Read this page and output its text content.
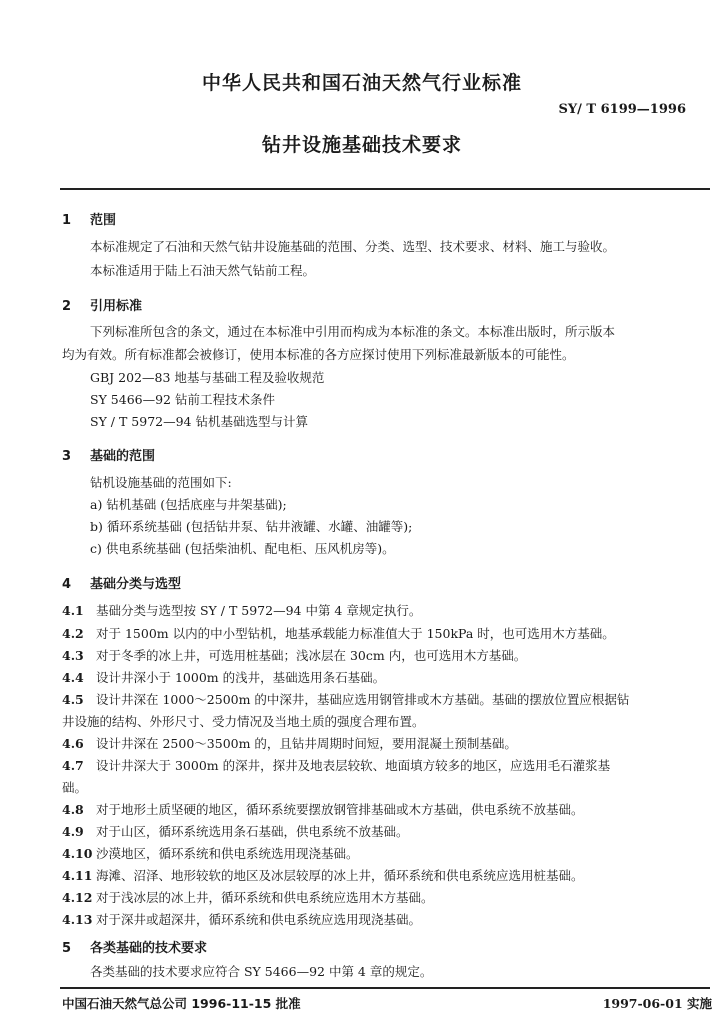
中华人民共和国石油天然气行业标准
SY/ T 6199—1996
钻井设施基础技术要求
1 范围
本标准规定了石油和天然气钻井设施基础的范围、分类、选型、技术要求、材料、施工与验收。
本标准适用于陆上石油天然气钻前工程。
2 引用标准
下列标准所包含的条文，通过在本标准中引用而构成为本标准的条文。本标准出版时，所示版本
均为有效。所有标准都会被修订，使用本标准的各方应探讨使用下列标准最新版本的可能性。
GBJ 202—83 地基与基础工程及验收规范
SY 5466—92 钻前工程技术条件
SY / T 5972—94 钻机基础选型与计算
3 基础的范围
钻机设施基础的范围如下:
a) 钻机基础 (包括底座与井架基础);
b) 循环系统基础 (包括钻井泵、钻井液罐、水罐、油罐等);
c) 供电系统基础 (包括柴油机、配电柜、压风机房等)。
4 基础分类与选型
4.1 基础分类与选型按 SY / T 5972—94 中第 4 章规定执行。
4.2 对于 1500m 以内的中小型钻机，地基承载能力标准值大于 150kPa 时，也可选用木方基础。
4.3 对于冬季的冰上井，可选用桩基础；浅冰层在 30cm 内，也可选用木方基础。
4.4 设计井深小于 1000m 的浅井，基础选用条石基础。
4.5 设计井深在 1000～2500m 的中深井，基础应选用钢管排或木方基础。基础的摆放位置应根据钻
井设施的结构、外形尺寸、受力情况及当地土质的强度合理布置。
4.6 设计井深在 2500～3500m 的，且钻井周期时间短，要用混凝土预制基础。
4.7 设计井深大于 3000m 的深井，探井及地表层较软、地面填方较多的地区，应选用毛石灌浆基
础。
4.8 对于地形土质坚硬的地区，循环系统要摆放钢管排基础或木方基础，供电系统不放基础。
4.9 对于山区，循环系统选用条石基础，供电系统不放基础。
4.10 沙漠地区，循环系统和供电系统选用现浇基础。
4.11 海滩、沼泽、地形较软的地区及冰层较厚的冰上井，循环系统和供电系统应选用桩基础。
4.12 对于浅冰层的冰上井，循环系统和供电系统应选用木方基础。
4.13 对于深井或超深井，循环系统和供电系统应选用现浇基础。
5 各类基础的技术要求
各类基础的技术要求应符合 SY 5466—92 中第 4 章的规定。
中国石油天然气总公司 1996-11-15 批准	1997-06-01 实施
